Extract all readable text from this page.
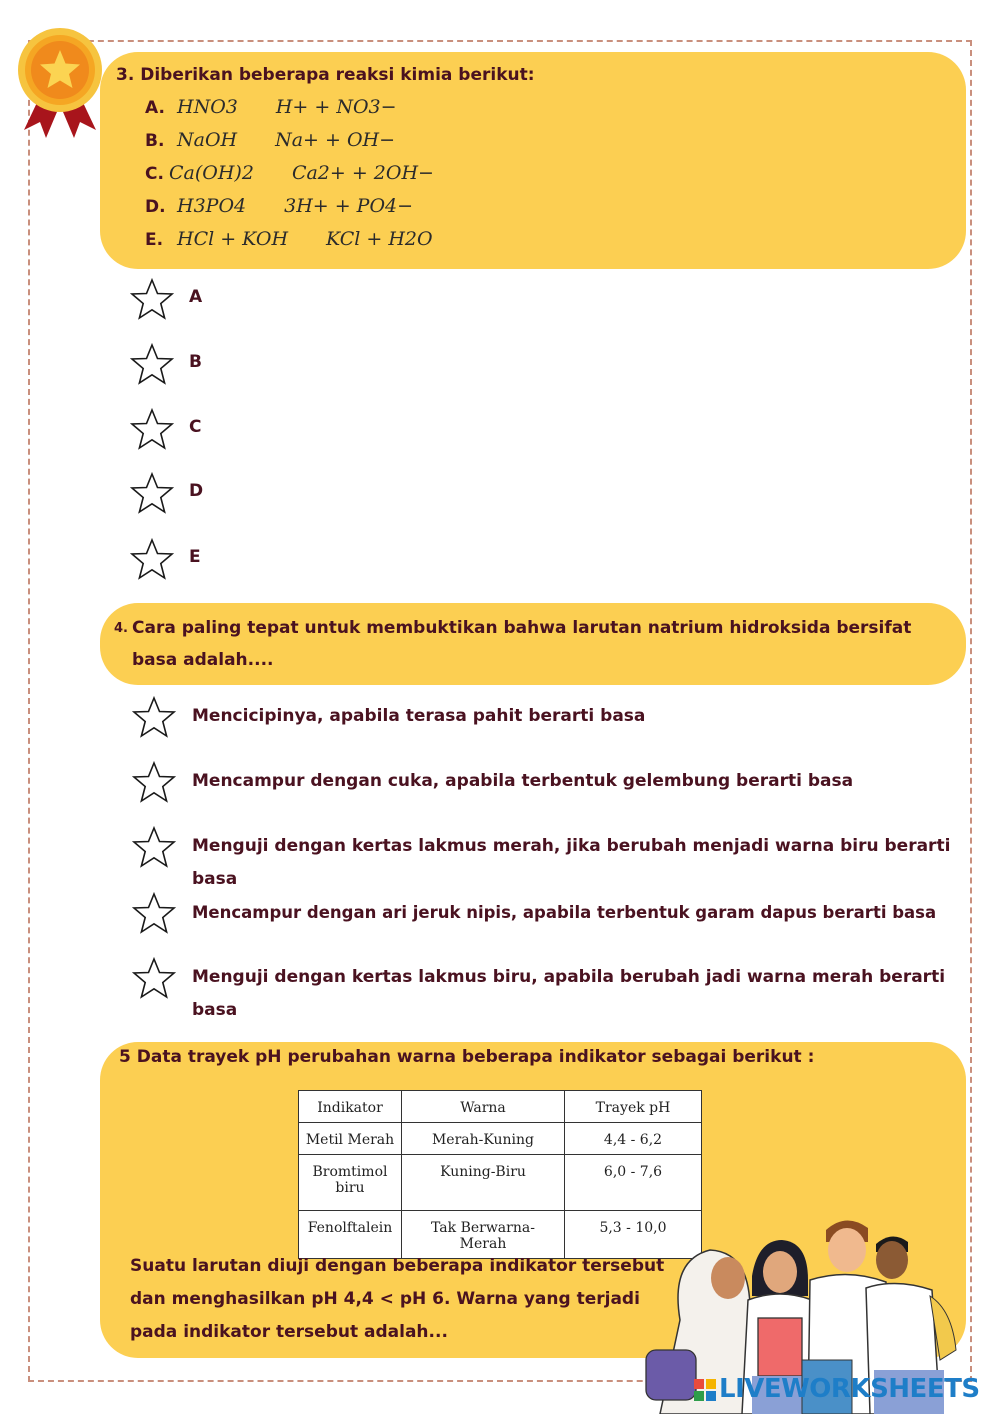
3. Diberikan beberapa reaksi kimia berikut:
A. HNO3 H+ + NO3−
B. NaOH Na+ + OH−
C. Ca(OH)2 Ca2+ + 2OH−
D. H3PO4 3H+ + PO4−
E. HCl + KOH KCl + H2O
A
B
C
D
E
4. Cara paling tepat untuk membuktikan bahwa larutan natrium hidroksida bersifat
basa adalah....
Mencicipinya, apabila terasa pahit berarti basa
Mencampur dengan cuka, apabila terbentuk gelembung berarti basa
Menguji dengan kertas lakmus merah, jika berubah menjadi warna biru berarti basa
Mencampur dengan ari jeruk nipis, apabila terbentuk garam dapus berarti basa
Menguji dengan kertas lakmus biru, apabila berubah jadi warna merah berarti basa
5 Data trayek pH perubahan warna beberapa indikator sebagai berikut :
Indikator	Warna	Trayek pH
Metil Merah	Merah-Kuning	4,4 - 6,2
Bromtimol biru	Kuning-Biru	6,0 - 7,6
Fenolftalein	Tak Berwarna-Merah	5,3 - 10,0
Suatu larutan diuji dengan beberapa indikator tersebut
dan menghasilkan pH 4,4 < pH 6. Warna yang terjadi
pada indikator tersebut adalah...
LIVEWORKSHEETS
